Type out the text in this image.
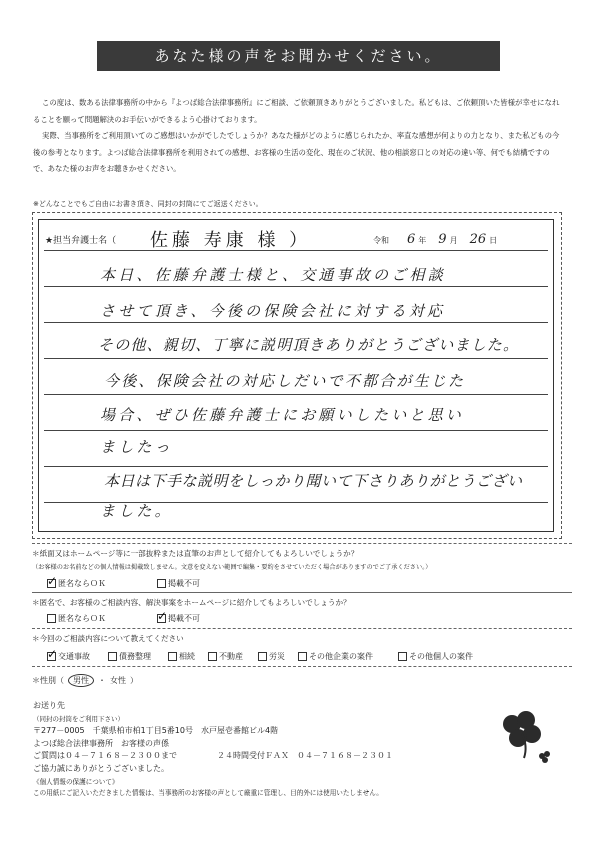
あなた様の声をお聞かせください。

この度は、数ある法律事務所の中から『よつば総合法律事務所』にご相談、ご依頼頂きありがとうございました。私どもは、ご依頼頂いた皆様が幸せになれることを願って問題解決のお手伝いができるよう心掛けております。

実際、当事務所をご利用頂いてのご感想はいかがでしたでしょうか？あなた様がどのように感じられたか、率直な感想が何よりの力となり、また私どもの今後の参考となります。よつば総合法律事務所を利用されての感想、お客様の生活の変化、現在のご状況、他の相談窓口との対応の違い等、何でも結構ですので、あなた様のお声をお聴きかせください。

※どんなことでもご自由にお書き頂き、同封の封筒にてご返送ください。
★担当弁護士名（ 佐藤 寿康 様 ）	令和	6 年 9 月 26 日
本日、佐藤弁護士様と、交通事故のご相談
させて頂き、今後の保険会社に対する対応
その他、親切、丁寧に説明頂きありがとうございました。
今後、保険会社の対応しだいで不都合が生じた
場合、ぜひ佐藤弁護士にお願いしたいと思い
ましたっ
本日は下手な説明をしっかり聞いて下さりありがとうござい
ました。
＊紙面又はホームページ等に一部抜粋または直筆のお声として紹介してもよろしいでしょうか？
（お客様のお名前などの個人情報は掲載致しません。文意を変えない範囲で編集・要約をさせていただく場合がありますのでご了承ください。）
✓
匿名ならＯＫ	掲載不可
＊匿名で、お客様のご相談内容、解決事案をホームページに紹介してもよろしいでしょうか？
匿名ならＯＫ
✓	掲載不可
＊今回のご相談内容について教えてください
✓
交通事故	債務整理	相続	不動産	労災	その他企業の案件	その他個人の案件
＊性別（	男性	・ 女性 ）
お送り先
（同封の封筒をご利用下さい）
〒277－0005　千葉県柏市柏1丁目5番10号　水戸屋壱番館ビル4階
よつば総合法律事務所　お客様の声係
ご質問は０４－７１６８－２３００まで	２４時間受付ＦＡＸ　０４－７１６８－２３０１
ご協力誠にありがとうございました。
《個人情報の保護について》
この用紙にご記入いただきました情報は、当事務所のお客様の声として厳重に管理し、目的外には使用いたしません。
